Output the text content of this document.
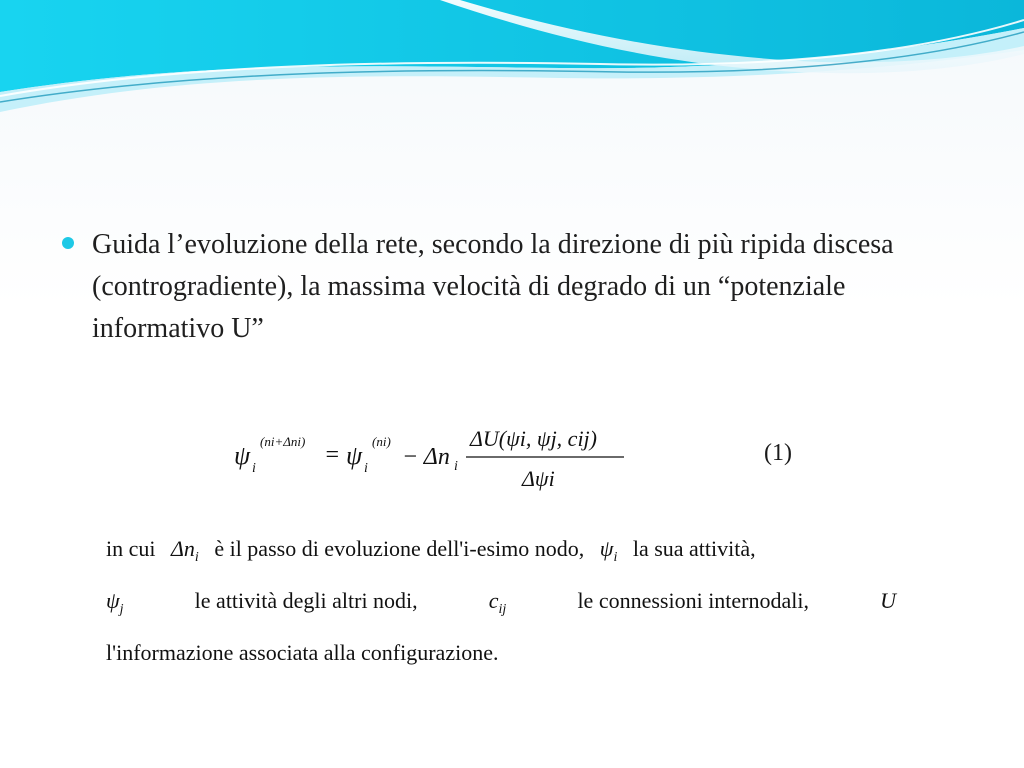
Guida l’evoluzione della rete, secondo la direzione di più ripida discesa (controgradiente), la massima velocità di degrado di un “potenziale informativo U”
ψ i
(ni+Δni)
= ψ i
(ni)
− Δn i
ΔU(ψi, ψj, cij)
Δψi
(1)
in cui $\Delta n_i$ è il passo di evoluzione dell'i-esimo nodo, $\psi_i$ la sua attività,
$\psi_j$	le attività degli altri nodi,	$c_{ij}$	le connessioni internodali,	U
l'informazione associata alla configurazione.
